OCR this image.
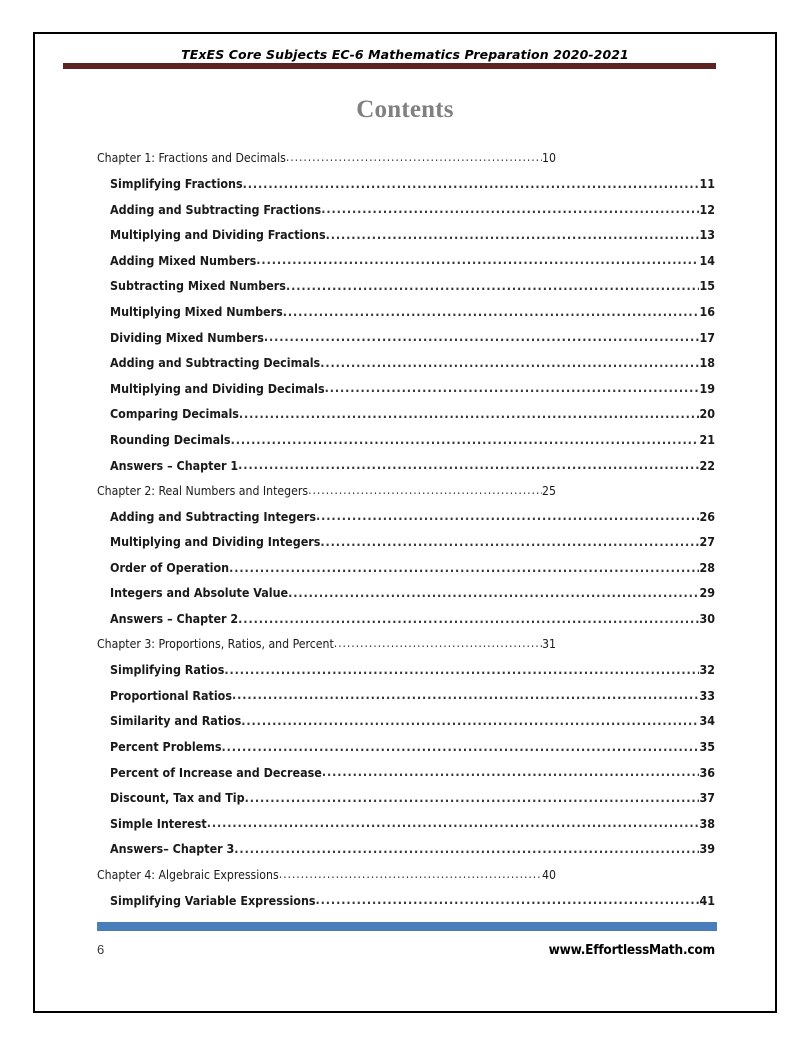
TExES Core Subjects EC-6 Mathematics Preparation 2020-2021
Contents
Chapter 1: Fractions and Decimals .....	10
Simplifying Fractions .....	11
Adding and Subtracting Fractions .....	12
Multiplying and Dividing Fractions .....	13
Adding Mixed Numbers .....	14
Subtracting Mixed Numbers .....	15
Multiplying Mixed Numbers .....	16
Dividing Mixed Numbers .....	17
Adding and Subtracting Decimals .....	18
Multiplying and Dividing Decimals .....	19
Comparing Decimals .....	20
Rounding Decimals .....	21
Answers – Chapter 1 .....	22
Chapter 2: Real Numbers and Integers .....	25
Adding and Subtracting Integers .....	26
Multiplying and Dividing Integers .....	27
Order of Operation .....	28
Integers and Absolute Value .....	29
Answers – Chapter 2 .....	30
Chapter 3: Proportions, Ratios, and Percent .....	31
Simplifying Ratios .....	32
Proportional Ratios .....	33
Similarity and Ratios .....	34
Percent Problems .....	35
Percent of Increase and Decrease .....	36
Discount, Tax and Tip .....	37
Simple Interest .....	38
Answers– Chapter 3 .....	39
Chapter 4: Algebraic Expressions .....	40
Simplifying Variable Expressions .....	41
6	www.EffortlessMath.com
